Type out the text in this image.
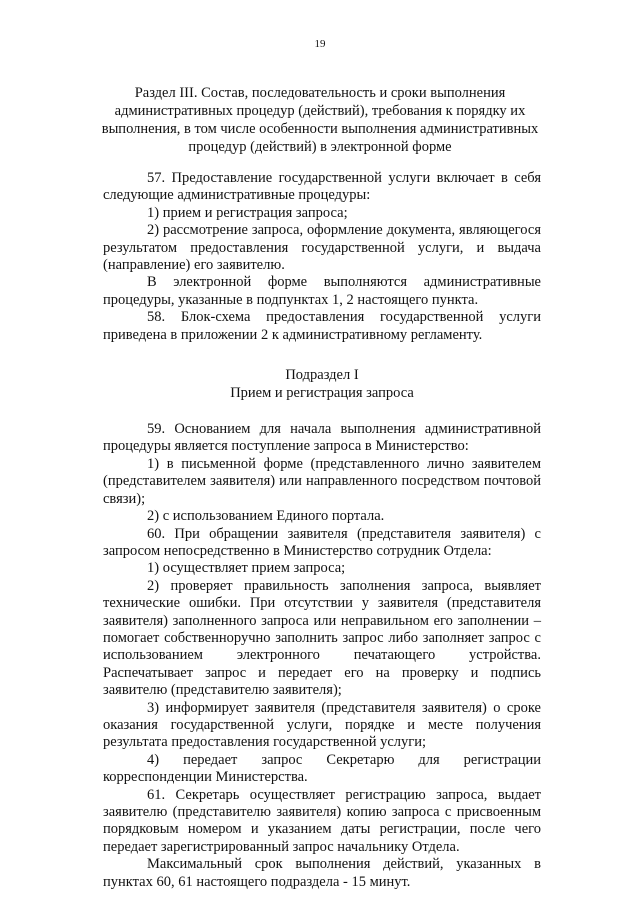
19
Раздел III. Состав, последовательность и сроки выполнения
административных процедур (действий), требования к порядку их
выполнения, в том числе особенности выполнения административных
процедур (действий) в электронной форме

57. Предоставление государственной услуги включает в себя следующие административные процедуры:

1) прием и регистрация запроса;

2) рассмотрение запроса, оформление документа, являющегося результатом предоставления государственной услуги, и выдача (направление) его заявителю.

В электронной форме выполняются административные процедуры, указанные в подпунктах 1, 2 настоящего пункта.

58. Блок-схема предоставления государственной услуги приведена в приложении 2 к административному регламенту.

Подраздел I
Прием и регистрация запроса

59. Основанием для начала выполнения административной процедуры является поступление запроса в Министерство:

1) в письменной форме (представленного лично заявителем (представителем заявителя) или направленного посредством почтовой связи);

2) с использованием Единого портала.

60. При обращении заявителя (представителя заявителя) с запросом непосредственно в Министерство сотрудник Отдела:

1) осуществляет прием запроса;

2) проверяет правильность заполнения запроса, выявляет технические ошибки. При отсутствии у заявителя (представителя заявителя) заполненного запроса или неправильном его заполнении – помогает собственноручно заполнить запрос либо заполняет запрос с использованием электронного печатающего устройства. Распечатывает запрос и передает его на проверку и подпись заявителю (представителю заявителя);

3) информирует заявителя (представителя заявителя) о сроке оказания государственной услуги, порядке и месте получения результата предоставления государственной услуги;

4) передает запрос Секретарю для регистрации корреспонденции Министерства.

61. Секретарь осуществляет регистрацию запроса, выдает заявителю (представителю заявителя) копию запроса с присвоенным порядковым номером и указанием даты регистрации, после чего передает зарегистрированный запрос начальнику Отдела.

Максимальный срок выполнения действий, указанных в пунктах 60, 61 настоящего подраздела - 15 минут.
